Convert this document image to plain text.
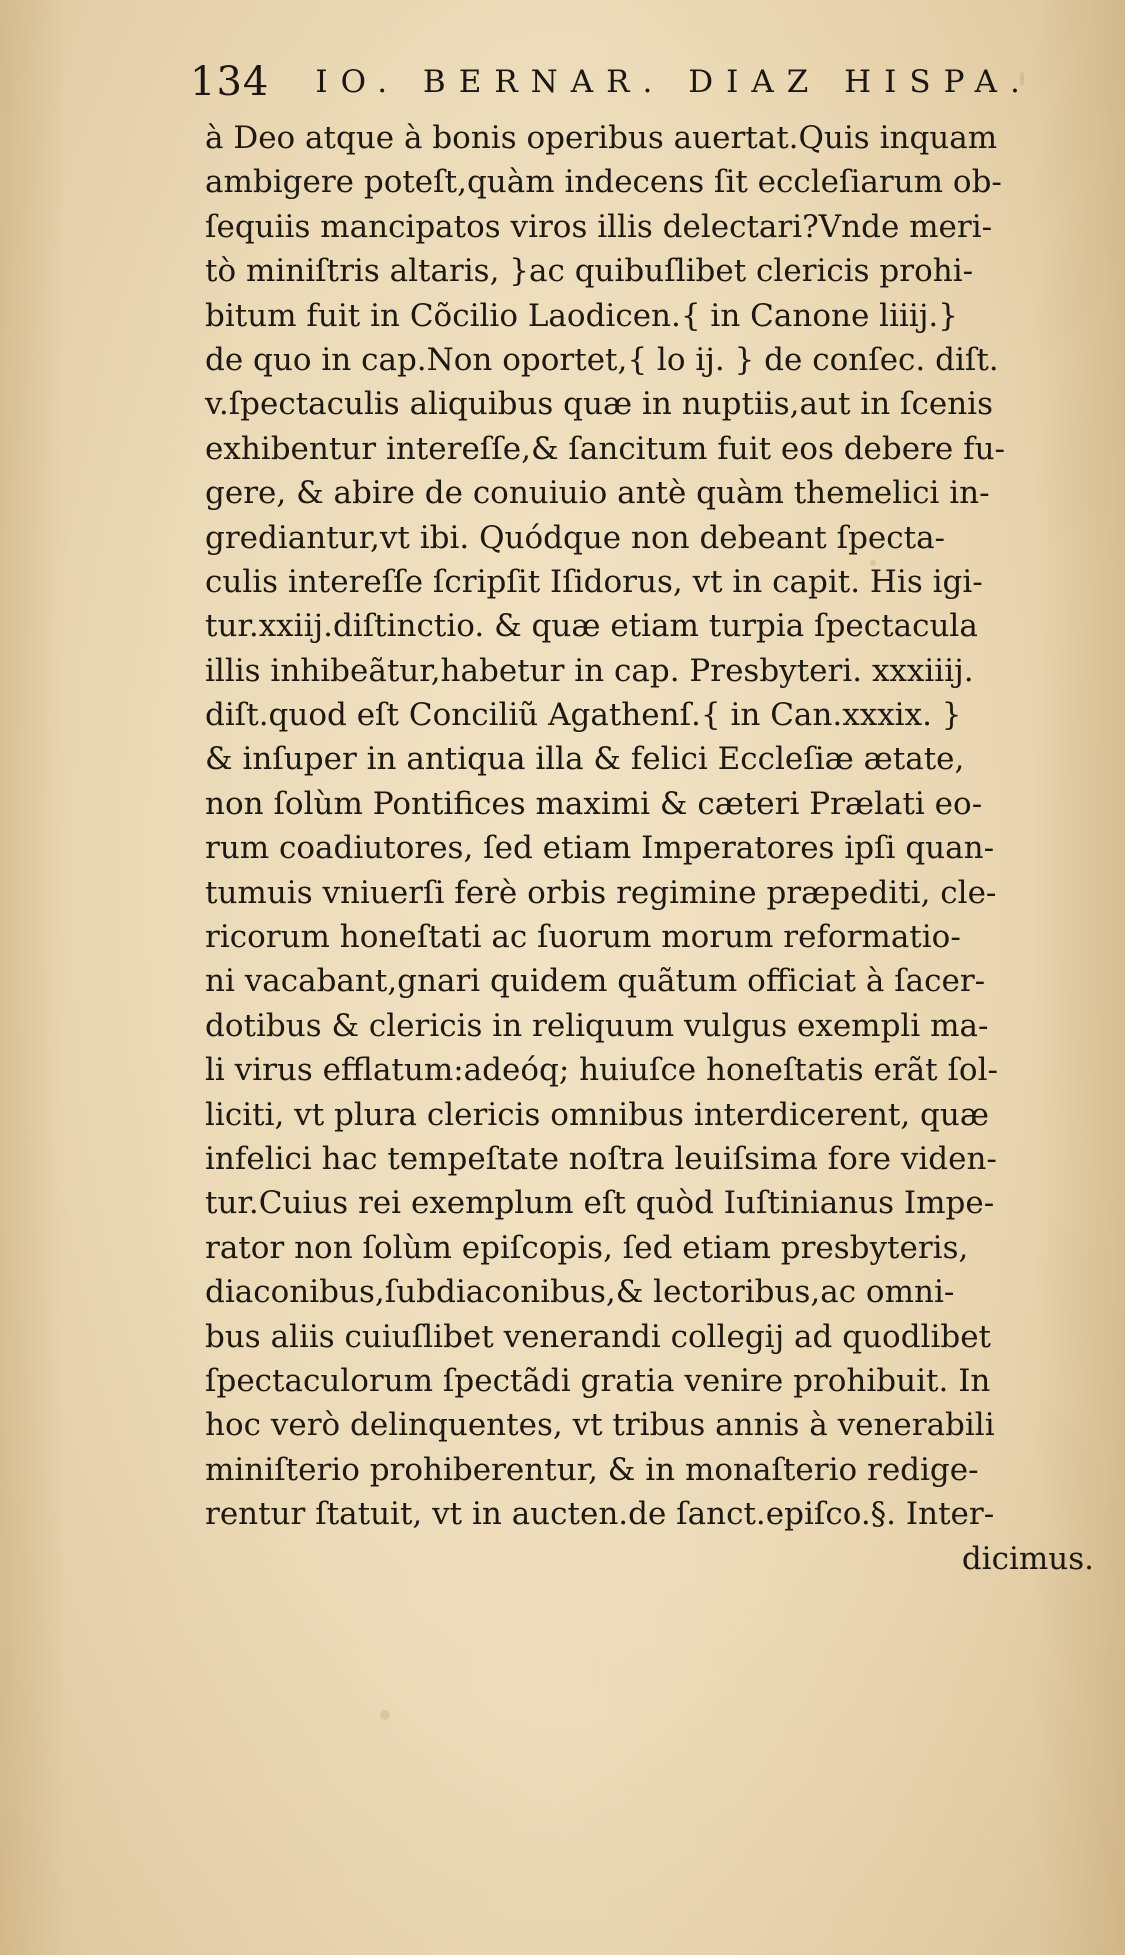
134 IO. BERNAR. DIAZ HISPA.
à Deo atque à bonis operibus auertat.Quis inquam
ambigere poteſt,quàm indecens ſit eccleſiarum ob-
ſequiis mancipatos viros illis delectari?Vnde meri-
tò miniſtris altaris, }ac quibuſlibet clericis prohi-
bitum fuit in Cõcilio Laodicen.{ in Canone liiij.}
de quo in cap.Non oportet,{ lo ij. } de conſec. diſt.
v.ſpectaculis aliquibus quæ in nuptiis,aut in ſcenis
exhibentur intereſſe,& ſancitum fuit eos debere fu-
gere, & abire de conuiuio antè quàm themelici in-
grediantur,vt ibi. Quódque non debeant ſpecta-
culis intereſſe ſcripſit Iſidorus, vt in capit. His igi-
tur.xxiij.diſtinctio. & quæ etiam turpia ſpectacula
illis inhibeãtur,habetur in cap. Presbyteri. xxxiiij.
diſt.quod eſt Conciliũ Agathenſ.{ in Can.xxxix. }
& inſuper in antiqua illa & felici Eccleſiæ ætate,
non ſolùm Pontifices maximi & cæteri Prælati eo-
rum coadiutores, ſed etiam Imperatores ipſi quan-
tumuis vniuerſi ferè orbis regimine præpediti, cle-
ricorum honeſtati ac ſuorum morum reformatio-
ni vacabant,gnari quidem quãtum officiat à ſacer-
dotibus & clericis in reliquum vulgus exempli ma-
li virus efflatum:adeóq; huiuſce honeſtatis erãt ſol-
liciti, vt plura clericis omnibus interdicerent, quæ
infelici hac tempeſtate noſtra leuiſsima fore viden-
tur.Cuius rei exemplum eſt quòd Iuſtinianus Impe-
rator non ſolùm epiſcopis, ſed etiam presbyteris,
diaconibus,ſubdiaconibus,& lectoribus,ac omni-
bus aliis cuiuſlibet venerandi collegij ad quodlibet
ſpectaculorum ſpectãdi gratia venire prohibuit. In
hoc verò delinquentes, vt tribus annis à venerabili
miniſterio prohiberentur, & in monaſterio redige-
rentur ſtatuit, vt in aucten.de ſanct.epiſco.§. Inter-
dicimus.
